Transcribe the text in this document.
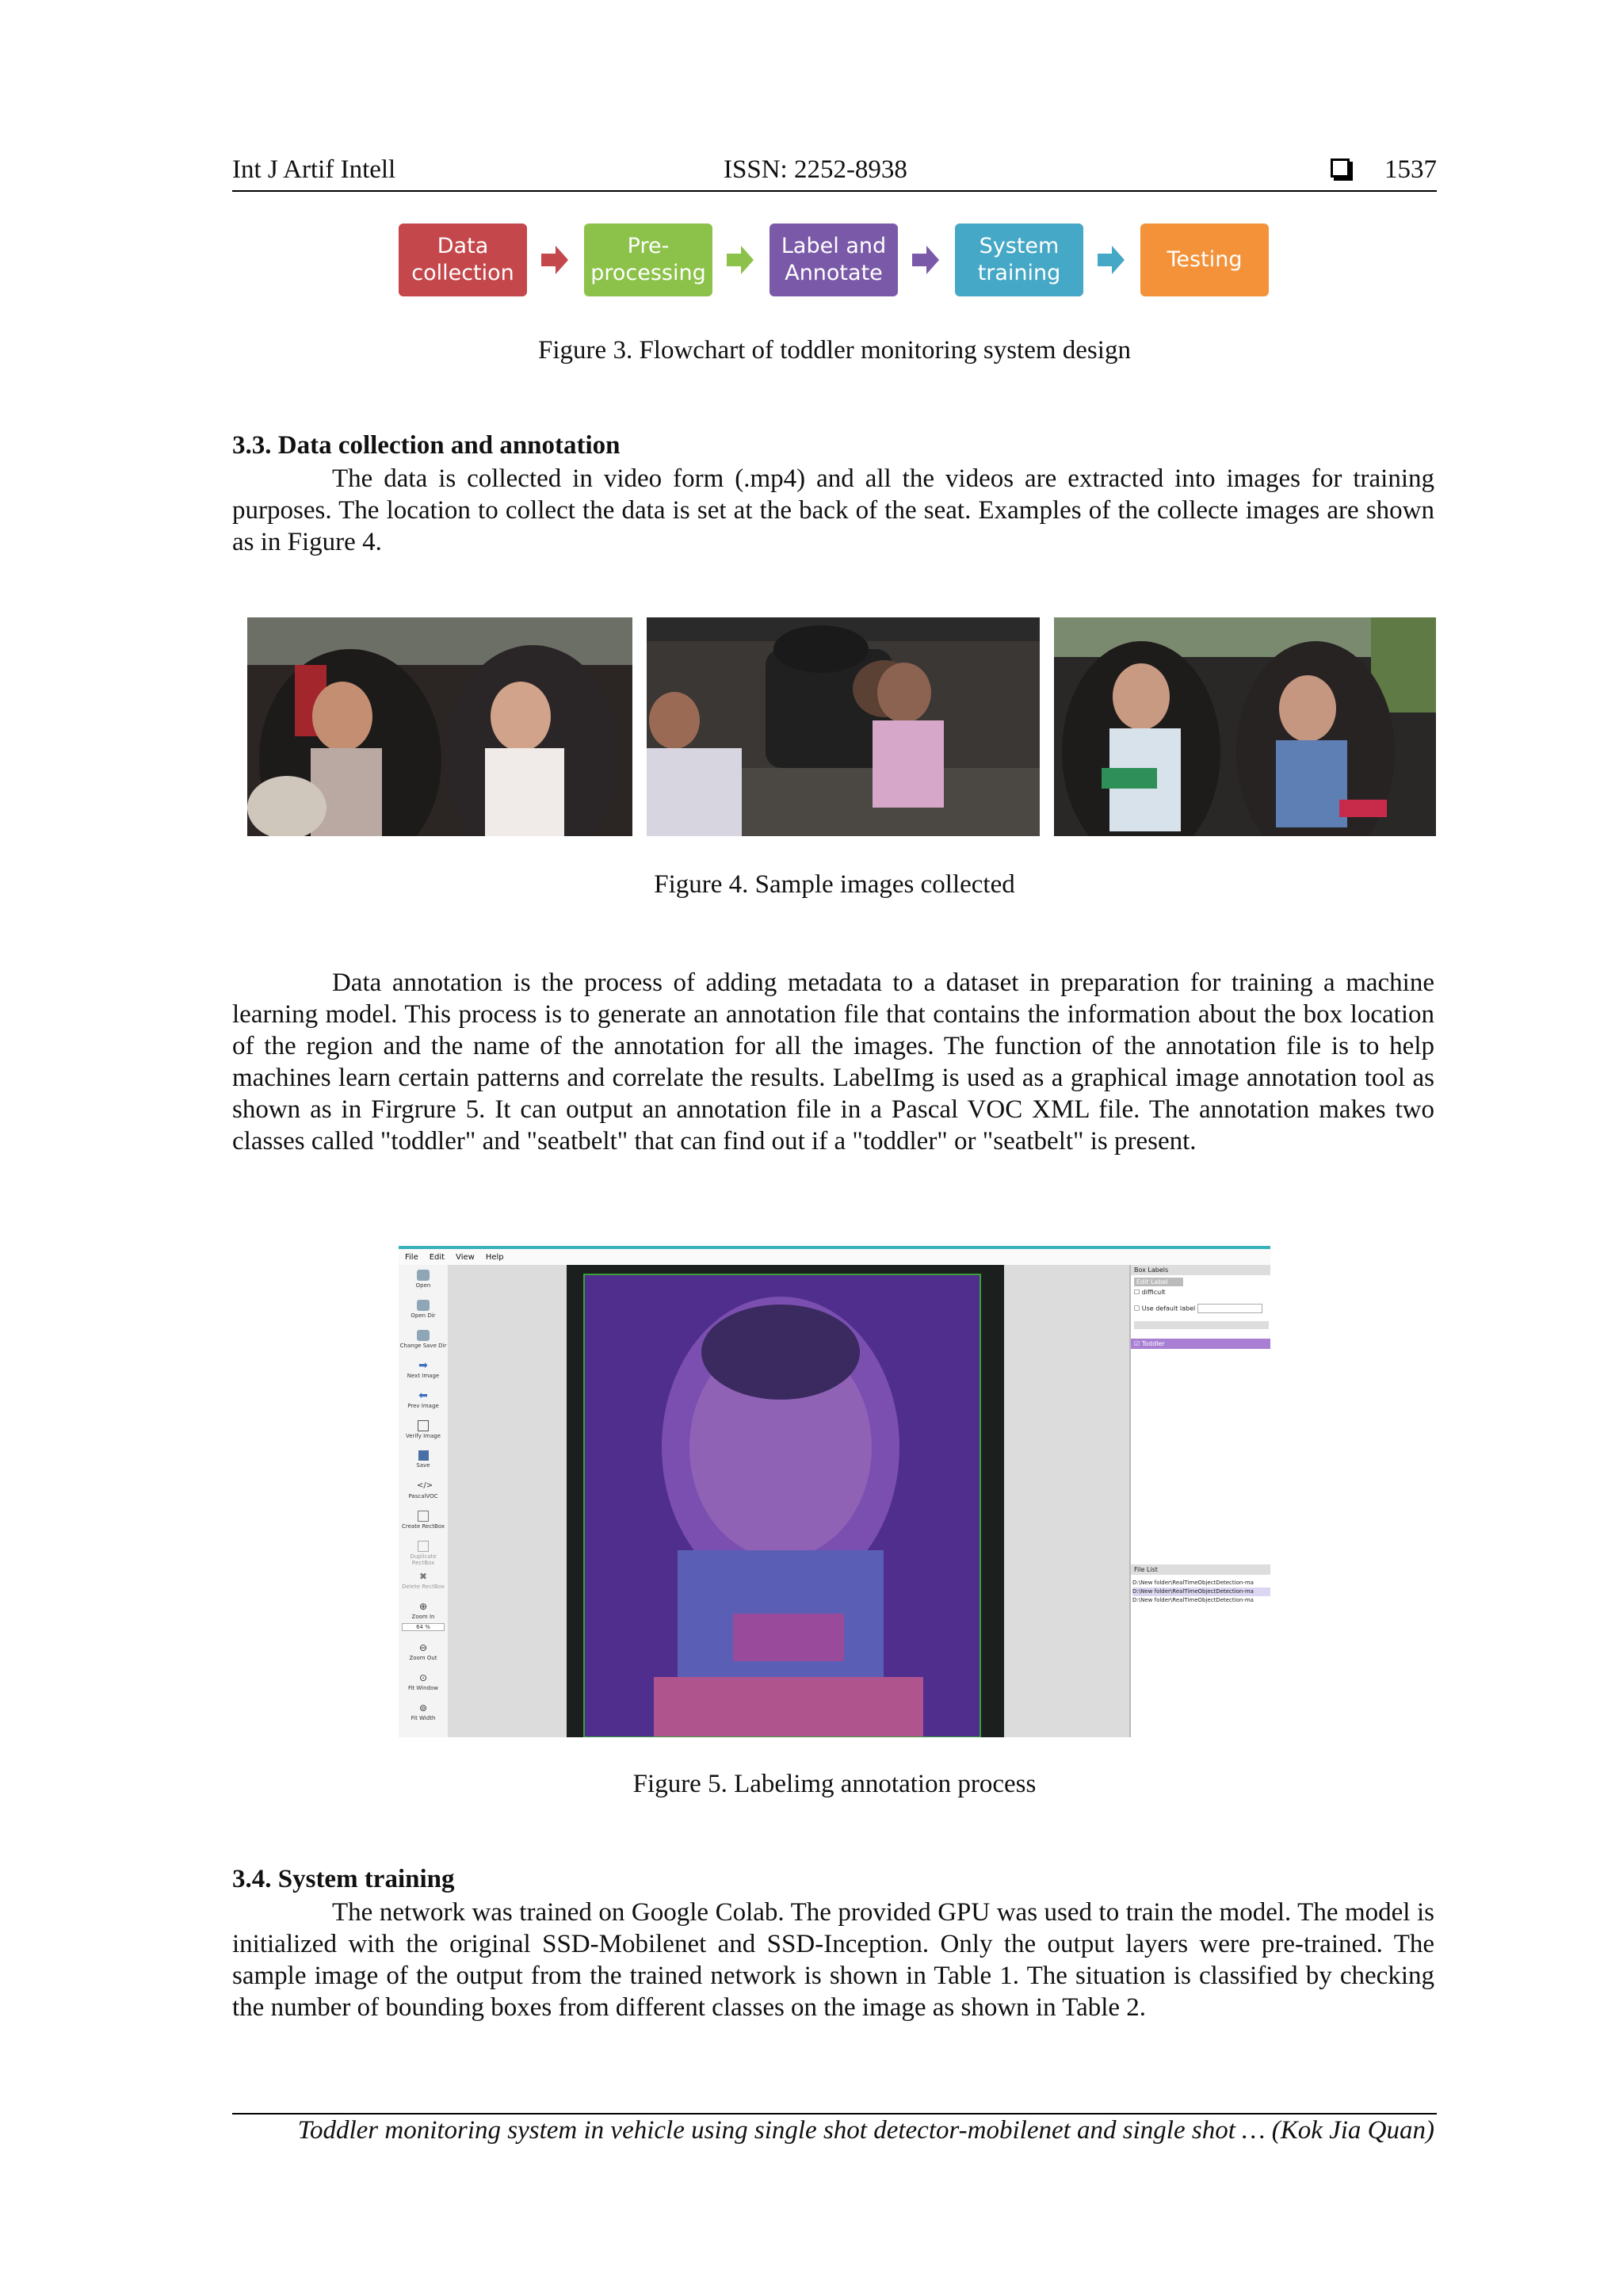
Int J Artif Intell	ISSN: 2252-8938	1537
Data collection
Pre-processing
Label and Annotate
System training
Testing
Figure 3. Flowchart of toddler monitoring system design
3.3. Data collection and annotation

The data is collected in video form (.mp4) and all the videos are extracted into images for training purposes. The location to collect the data is set at the back of the seat. Examples of the collecte images are shown as in Figure 4.

Figure 4. Sample images collected

Data annotation is the process of adding metadata to a dataset in preparation for training a machine learning model. This process is to generate an annotation file that contains the information about the box location of the region and the name of the annotation for all the images. The function of the annotation file is to help machines learn certain patterns and correlate the results. LabelImg is used as a graphical image annotation tool as shown as in Firgrure 5. It can output an annotation file in a Pascal VOC XML file. The annotation makes two classes called "toddler" and "seatbelt" that can find out if a "toddler" or "seatbelt" is present.

File Edit View Help
Open
Open Dir
Change Save Dir
➡
Next Image
⬅
Prev Image
Verify Image
Save
</>
PascalVOC
Create RectBox
Duplicate RectBox
✖
Delete RectBox
⊕
Zoom In
64 %
⊖
Zoom Out
⊙
Fit Window
⊚
Fit Width
Box Labels
Edit Label
☐ difficult
☐ Use default label
☑ Toddler
File List
D:\New folder\RealTimeObjectDetection-ma
D:\New folder\RealTimeObjectDetection-ma
D:\New folder\RealTimeObjectDetection-ma
Figure 5. Labelimg annotation process
3.4. System training

The network was trained on Google Colab. The provided GPU was used to train the model. The model is initialized with the original SSD-Mobilenet and SSD-Inception. Only the output layers were pre-trained. The sample image of the output from the trained network is shown in Table 1. The situation is classified by checking the number of bounding boxes from different classes on the image as shown in Table 2.

Toddler monitoring system in vehicle using single shot detector-mobilenet and single shot … (Kok Jia Quan)
